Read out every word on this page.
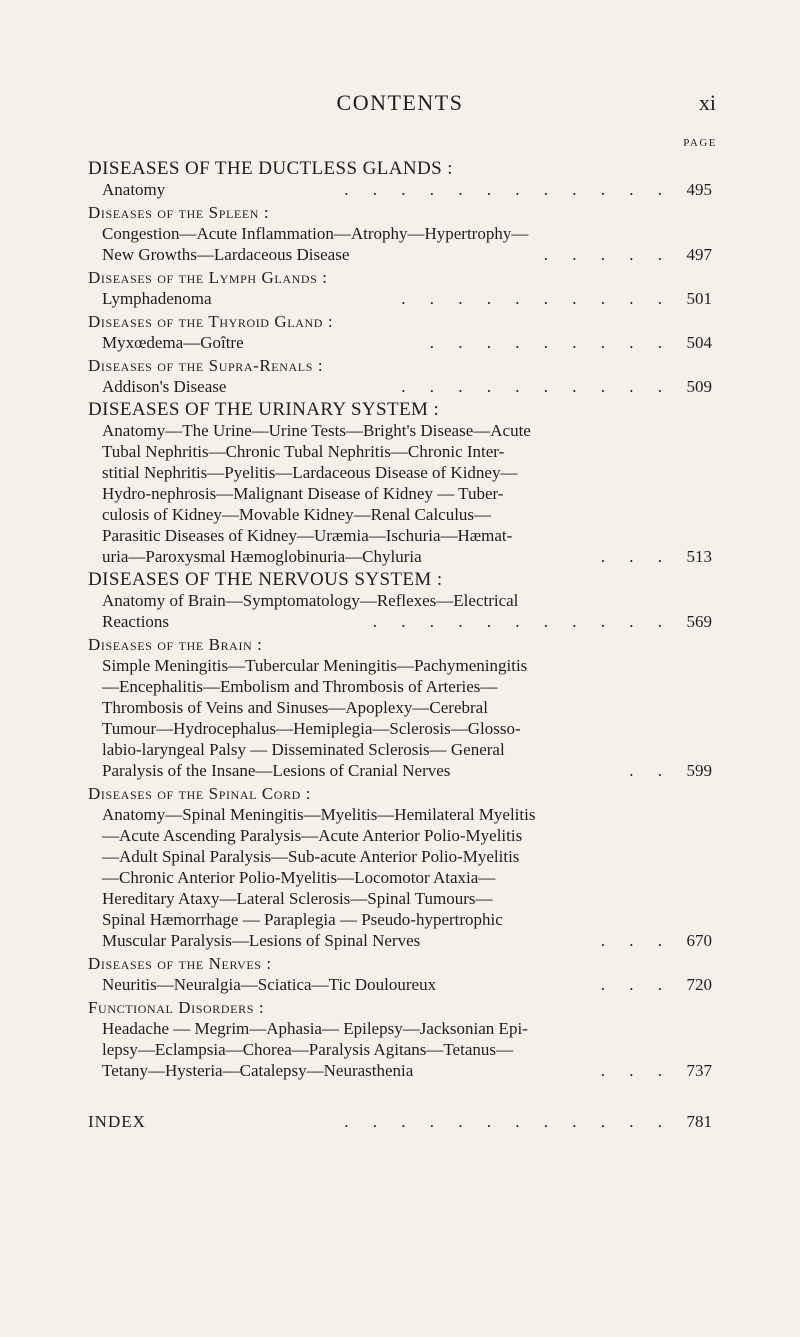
CONTENTS	xi
PAGE
DISEASES OF THE DUCTLESS GLANDS :
Anatomy	. . . . . . . . . . . . 495
Diseases of the Spleen :
Congestion—Acute Inflammation—Atrophy—Hypertrophy—
New Growths—Lardaceous Disease	. . . . . 497
Diseases of the Lymph Glands :
Lymphadenoma	. . . . . . . . . . 501
Diseases of the Thyroid Gland :
Myxœdema—Goître	. . . . . . . . . 504
Diseases of the Supra-Renals :
Addison's Disease	. . . . . . . . . . 509
DISEASES OF THE URINARY SYSTEM :
Anatomy—The Urine—Urine Tests—Bright's Disease—Acute
Tubal Nephritis—Chronic Tubal Nephritis—Chronic Inter-
stitial Nephritis—Pyelitis—Lardaceous Disease of Kidney—
Hydro-nephrosis—Malignant Disease of Kidney — Tuber-
culosis of Kidney—Movable Kidney—Renal Calculus—
Parasitic Diseases of Kidney—Uræmia—Ischuria—Hæmat-
uria—Paroxysmal Hæmoglobinuria—Chyluria	. . . 513
DISEASES OF THE NERVOUS SYSTEM :
Anatomy of Brain—Symptomatology—Reflexes—Electrical
Reactions	. . . . . . . . . . . 569
Diseases of the Brain :
Simple Meningitis—Tubercular Meningitis—Pachymeningitis
—Encephalitis—Embolism and Thrombosis of Arteries—
Thrombosis of Veins and Sinuses—Apoplexy—Cerebral
Tumour—Hydrocephalus—Hemiplegia—Sclerosis—Glosso-
labio-laryngeal Palsy — Disseminated Sclerosis— General
Paralysis of the Insane—Lesions of Cranial Nerves	. . 599
Diseases of the Spinal Cord :
Anatomy—Spinal Meningitis—Myelitis—Hemilateral Myelitis
—Acute Ascending Paralysis—Acute Anterior Polio-Myelitis
—Adult Spinal Paralysis—Sub-acute Anterior Polio-Myelitis
—Chronic Anterior Polio-Myelitis—Locomotor Ataxia—
Hereditary Ataxy—Lateral Sclerosis—Spinal Tumours—
Spinal Hæmorrhage — Paraplegia — Pseudo-hypertrophic
Muscular Paralysis—Lesions of Spinal Nerves	. . . 670
Diseases of the Nerves :
Neuritis—Neuralgia—Sciatica—Tic Douloureux	. . . 720
Functional Disorders :
Headache — Megrim—Aphasia— Epilepsy—Jacksonian Epi-
lepsy—Eclampsia—Chorea—Paralysis Agitans—Tetanus—
Tetany—Hysteria—Catalepsy—Neurasthenia	. . . 737
INDEX	. . . . . . . . . . . . 781
